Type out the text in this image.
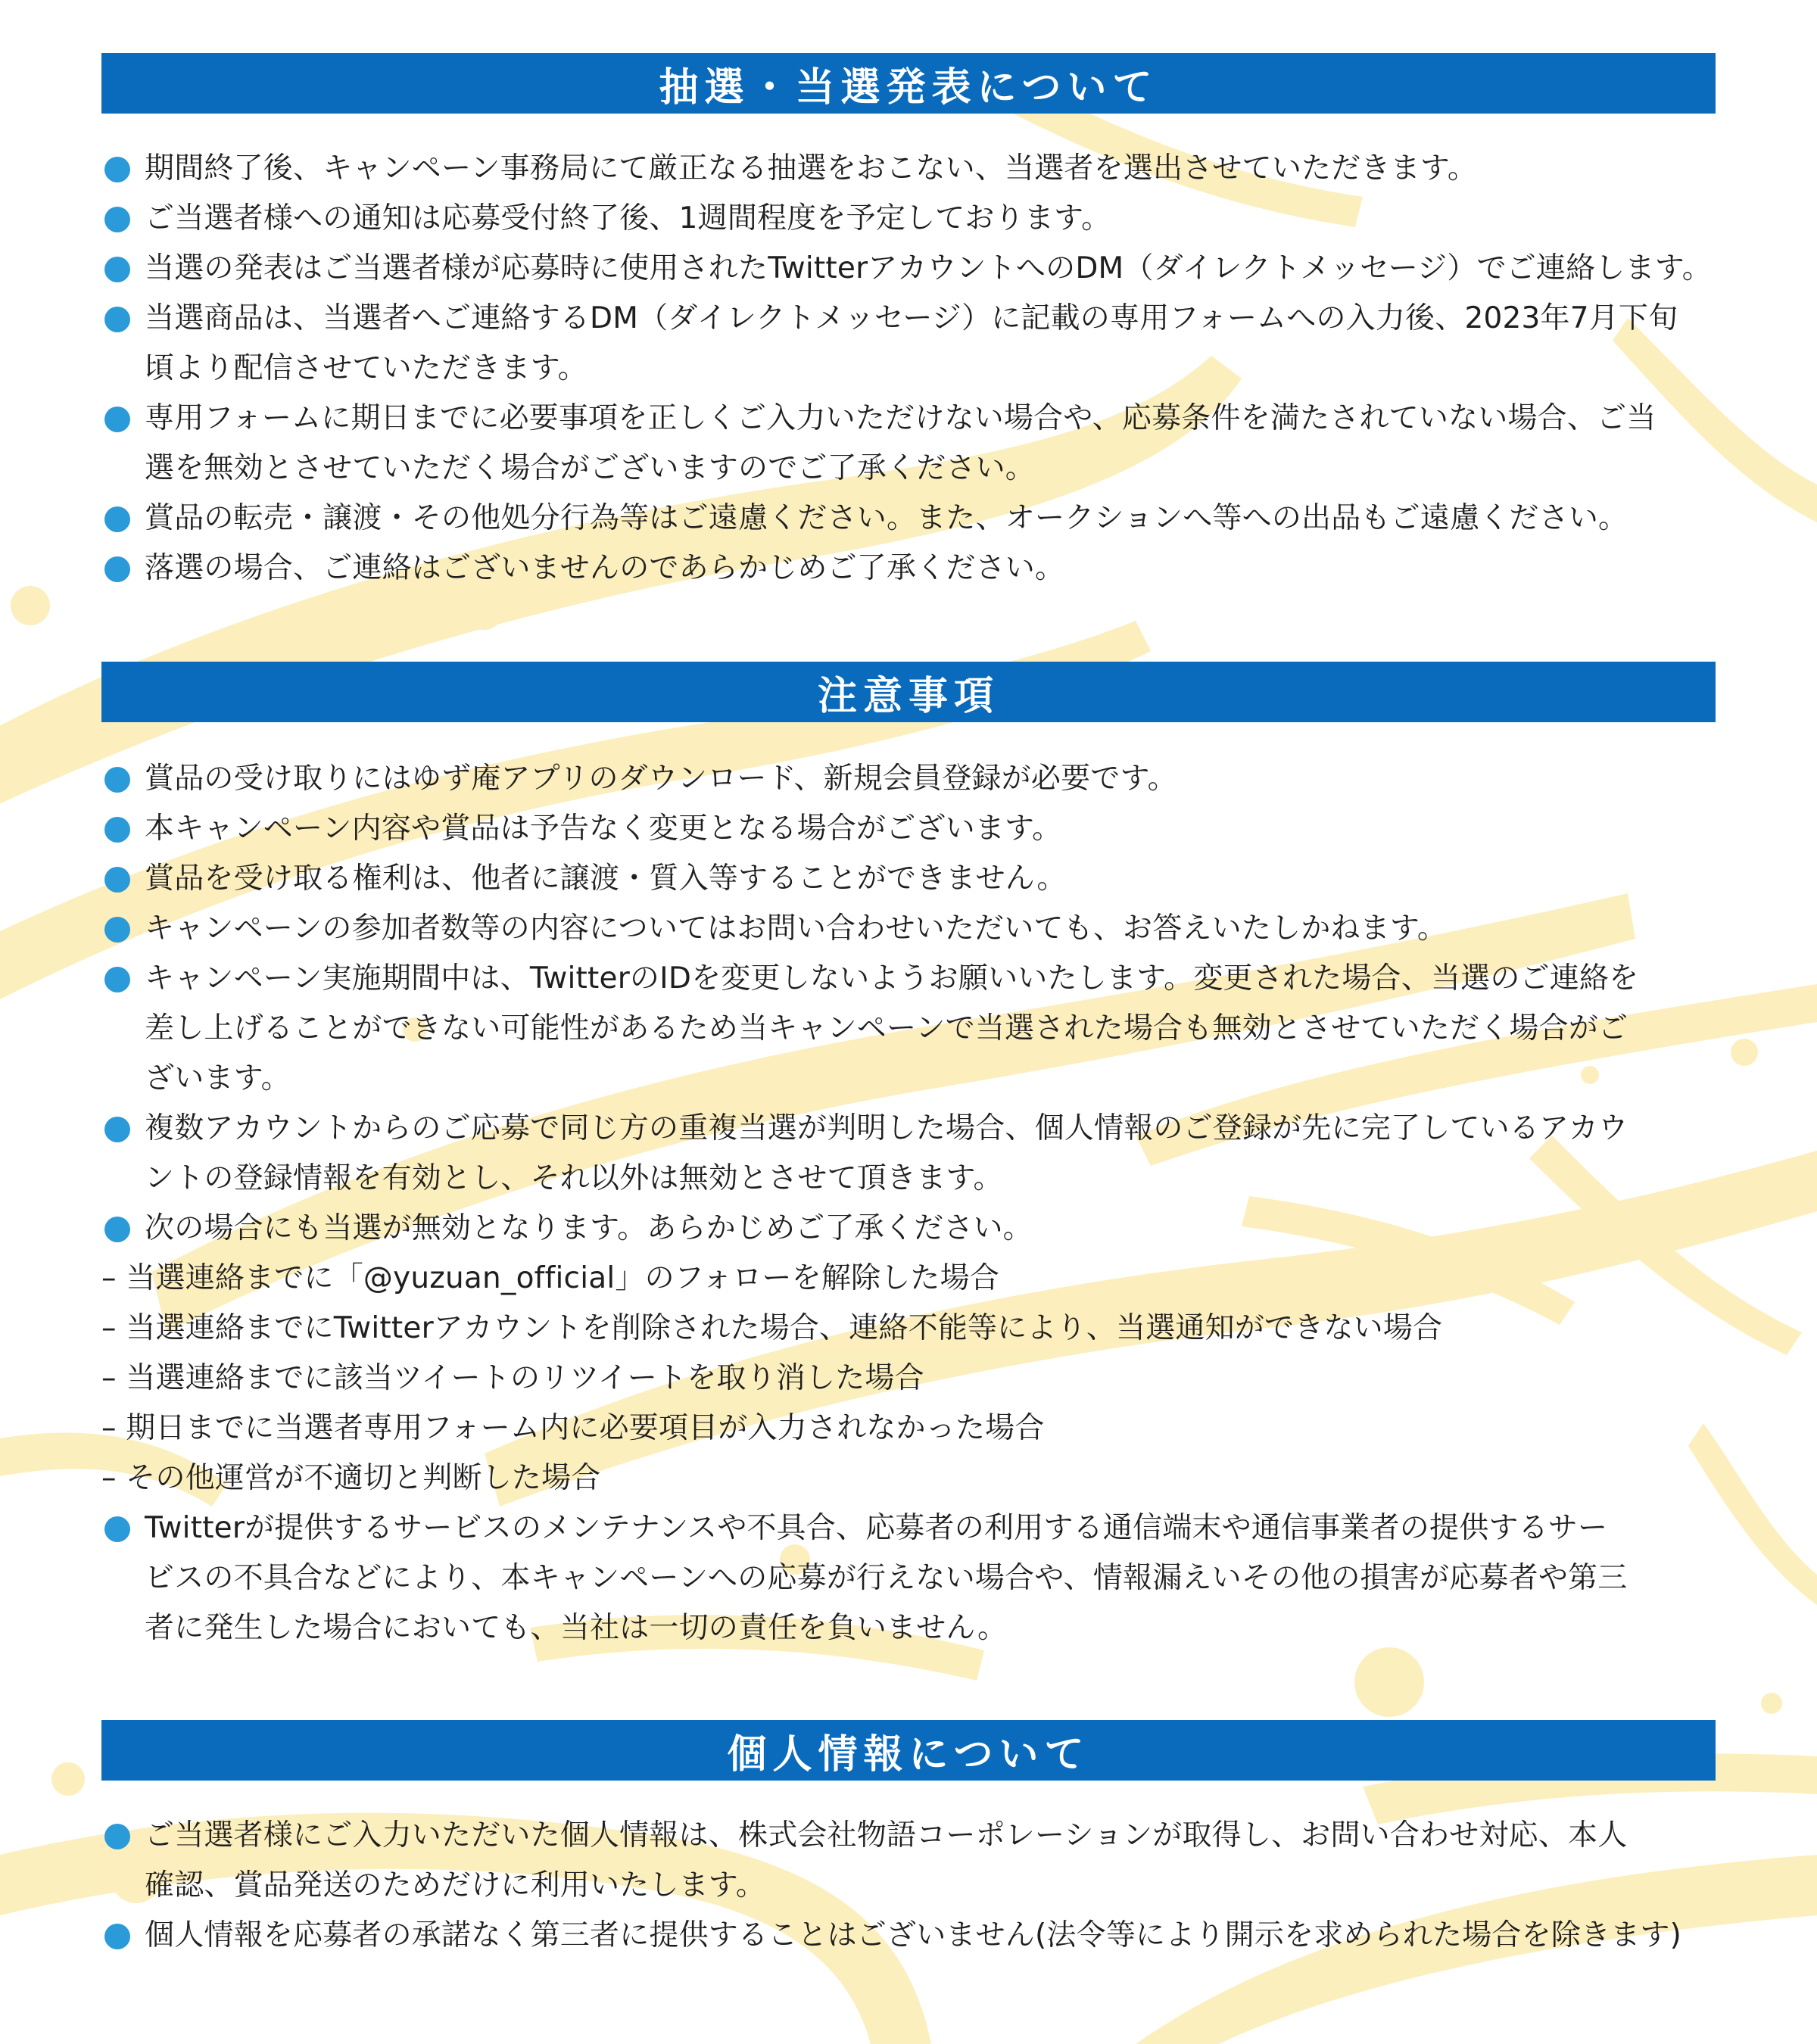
抽選・当選発表について
期間終了後、キャンペーン事務局にて厳正なる抽選をおこない、当選者を選出させていただきます。
ご当選者様への通知は応募受付終了後、1週間程度を予定しております。
当選の発表はご当選者様が応募時に使用されたTwitterアカウントへのDM（ダイレクトメッセージ）でご連絡します。
当選商品は、当選者へご連絡するDM（ダイレクトメッセージ）に記載の専用フォームへの入力後、2023年7月下旬
頃より配信させていただきます。
専用フォームに期日までに必要事項を正しくご入力いただけない場合や、応募条件を満たされていない場合、ご当
選を無効とさせていただく場合がございますのでご了承ください。
賞品の転売・譲渡・その他処分行為等はご遠慮ください。また、オークションへ等への出品もご遠慮ください。
落選の場合、ご連絡はございませんのであらかじめご了承ください。
注意事項
賞品の受け取りにはゆず庵アプリのダウンロード、新規会員登録が必要です。
本キャンペーン内容や賞品は予告なく変更となる場合がございます。
賞品を受け取る権利は、他者に譲渡・質入等することができません。
キャンペーンの参加者数等の内容についてはお問い合わせいただいても、お答えいたしかねます。
キャンペーン実施期間中は、TwitterのIDを変更しないようお願いいたします。変更された場合、当選のご連絡を
差し上げることができない可能性があるため当キャンペーンで当選された場合も無効とさせていただく場合がご
ざいます。
複数アカウントからのご応募で同じ方の重複当選が判明した場合、個人情報のご登録が先に完了しているアカウ
ントの登録情報を有効とし、それ以外は無効とさせて頂きます。
次の場合にも当選が無効となります。あらかじめご了承ください。
– 当選連絡までに「@yuzuan_official」のフォローを解除した場合
– 当選連絡までにTwitterアカウントを削除された場合、連絡不能等により、当選通知ができない場合
– 当選連絡までに該当ツイートのリツイートを取り消した場合
– 期日までに当選者専用フォーム内に必要項目が入力されなかった場合
– その他運営が不適切と判断した場合
Twitterが提供するサービスのメンテナンスや不具合、応募者の利用する通信端末や通信事業者の提供するサー
ビスの不具合などにより、本キャンペーンへの応募が行えない場合や、情報漏えいその他の損害が応募者や第三
者に発生した場合においても、当社は一切の責任を負いません。
個人情報について
ご当選者様にご入力いただいた個人情報は、株式会社物語コーポレーションが取得し、お問い合わせ対応、本人
確認、賞品発送のためだけに利用いたします。
個人情報を応募者の承諾なく第三者に提供することはございません(法令等により開示を求められた場合を除きます)
